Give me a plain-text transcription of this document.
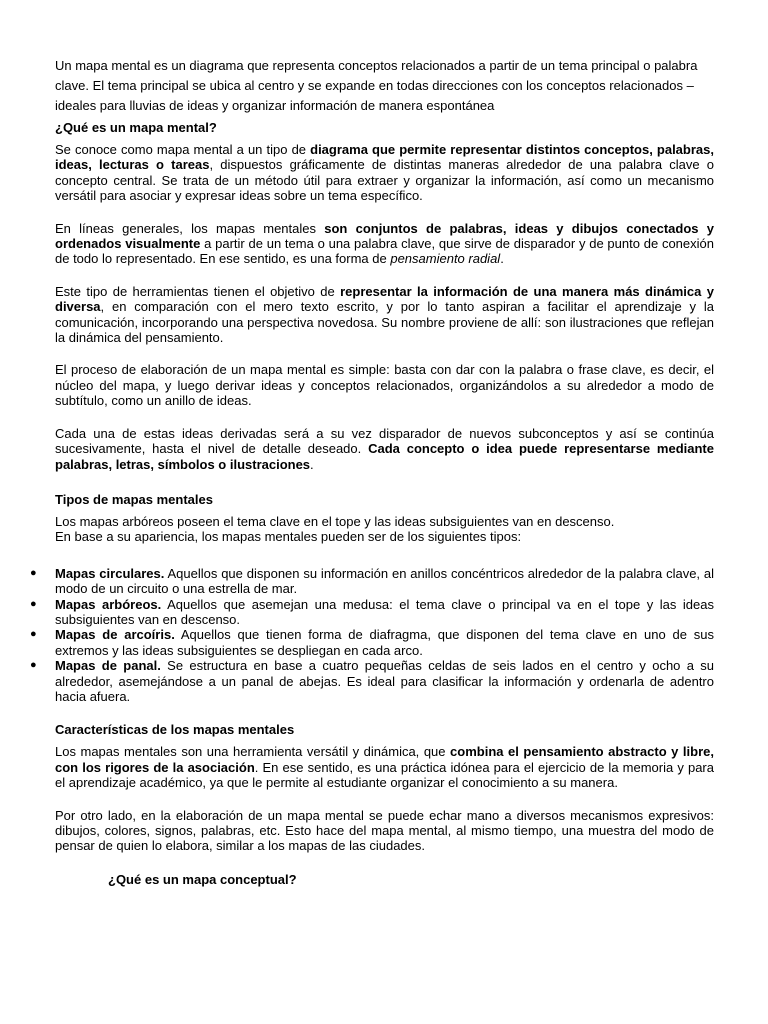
Un mapa mental es un diagrama que representa conceptos relacionados a partir de un tema principal o palabra clave. El tema principal se ubica al centro y se expande en todas direcciones con los conceptos relacionados – ideales para lluvias de ideas y organizar información de manera espontánea

¿Qué es un mapa mental?

Se conoce como mapa mental a un tipo de diagrama que permite representar distintos conceptos, palabras, ideas, lecturas o tareas, dispuestos gráficamente de distintas maneras alrededor de una palabra clave o concepto central. Se trata de un método útil para extraer y organizar la información, así como un mecanismo versátil para asociar y expresar ideas sobre un tema específico.

En líneas generales, los mapas mentales son conjuntos de palabras, ideas y dibujos conectados y ordenados visualmente a partir de un tema o una palabra clave, que sirve de disparador y de punto de conexión de todo lo representado. En ese sentido, es una forma de pensamiento radial.

Este tipo de herramientas tienen el objetivo de representar la información de una manera más dinámica y diversa, en comparación con el mero texto escrito, y por lo tanto aspiran a facilitar el aprendizaje y la comunicación, incorporando una perspectiva novedosa. Su nombre proviene de allí: son ilustraciones que reflejan la dinámica del pensamiento.

El proceso de elaboración de un mapa mental es simple: basta con dar con la palabra o frase clave, es decir, el núcleo del mapa, y luego derivar ideas y conceptos relacionados, organizándolos a su alrededor a modo de subtítulo, como un anillo de ideas.

Cada una de estas ideas derivadas será a su vez disparador de nuevos subconceptos y así se continúa sucesivamente, hasta el nivel de detalle deseado. Cada concepto o idea puede representarse mediante palabras, letras, símbolos o ilustraciones.

Tipos de mapas mentales

Los mapas arbóreos poseen el tema clave en el tope y las ideas subsiguientes van en descenso.

En base a su apariencia, los mapas mentales pueden ser de los siguientes tipos:

● Mapas circulares. Aquellos que disponen su información en anillos concéntricos alrededor de la palabra clave, al modo de un circuito o una estrella de mar.
● Mapas arbóreos. Aquellos que asemejan una medusa: el tema clave o principal va en el tope y las ideas subsiguientes van en descenso.
● Mapas de arcoíris. Aquellos que tienen forma de diafragma, que disponen del tema clave en uno de sus extremos y las ideas subsiguientes se despliegan en cada arco.
● Mapas de panal. Se estructura en base a cuatro pequeñas celdas de seis lados en el centro y ocho a su alrededor, asemejándose a un panal de abejas. Es ideal para clasificar la información y ordenarla de adentro hacia afuera.
Características de los mapas mentales

Los mapas mentales son una herramienta versátil y dinámica, que combina el pensamiento abstracto y libre, con los rigores de la asociación. En ese sentido, es una práctica idónea para el ejercicio de la memoria y para el aprendizaje académico, ya que le permite al estudiante organizar el conocimiento a su manera.

Por otro lado, en la elaboración de un mapa mental se puede echar mano a diversos mecanismos expresivos: dibujos, colores, signos, palabras, etc. Esto hace del mapa mental, al mismo tiempo, una muestra del modo de pensar de quien lo elabora, similar a los mapas de las ciudades.

¿Qué es un mapa conceptual?
